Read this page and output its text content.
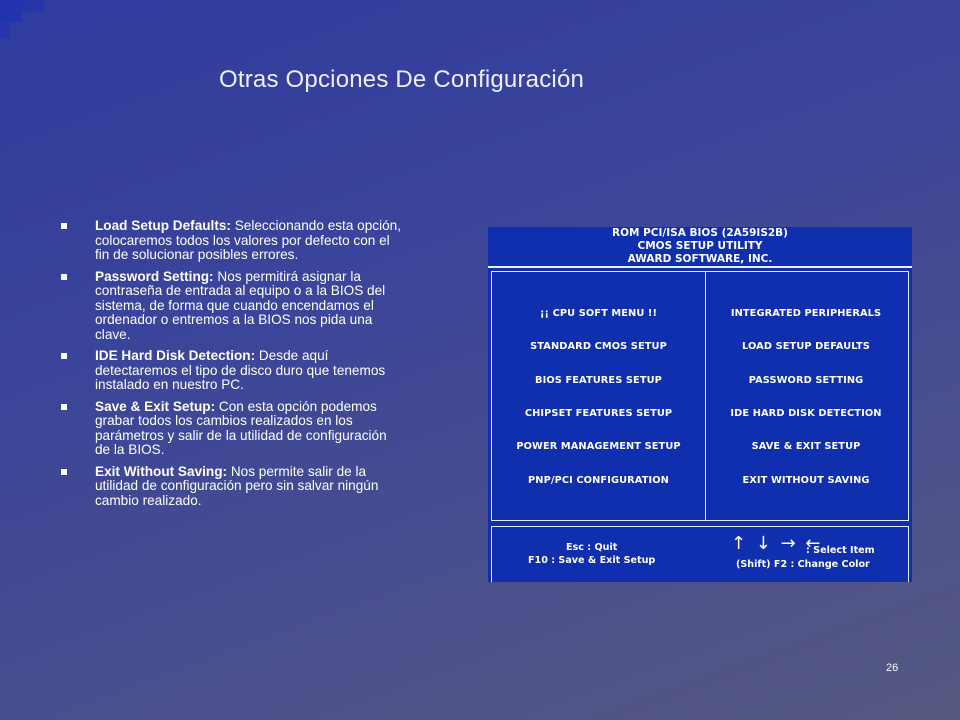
Otras Opciones De Configuración
Load Setup Defaults: Seleccionando esta opción, colocaremos todos los valores por defecto con el fin de solucionar posibles errores.
Password Setting: Nos permitirá asignar la contraseña de entrada al equipo o a la BIOS del sistema, de forma que cuando encendamos el ordenador o entremos a la BIOS nos pida una clave.
IDE Hard Disk Detection: Desde aquí detectaremos el tipo de disco duro que tenemos instalado en nuestro PC.
Save & Exit Setup: Con esta opción podemos grabar todos los cambios realizados en los parámetros y salir de la utilidad de configuración de la BIOS.
Exit Without Saving: Nos permite salir de la utilidad de configuración pero sin salvar ningún cambio realizado.
ROM PCI/ISA BIOS (2A59IS2B)
CMOS SETUP UTILITY
AWARD SOFTWARE, INC.
¡¡ CPU SOFT MENU !!
STANDARD CMOS SETUP
BIOS FEATURES SETUP
CHIPSET FEATURES SETUP
POWER MANAGEMENT SETUP
PNP/PCI CONFIGURATION
INTEGRATED PERIPHERALS
LOAD SETUP DEFAULTS
PASSWORD SETTING
IDE HARD DISK DETECTION
SAVE & EXIT SETUP
EXIT WITHOUT SAVING
Esc : Quit
F10 : Save & Exit Setup
↑ ↓ → ←
: Select Item
(Shift) F2 : Change Color
26
